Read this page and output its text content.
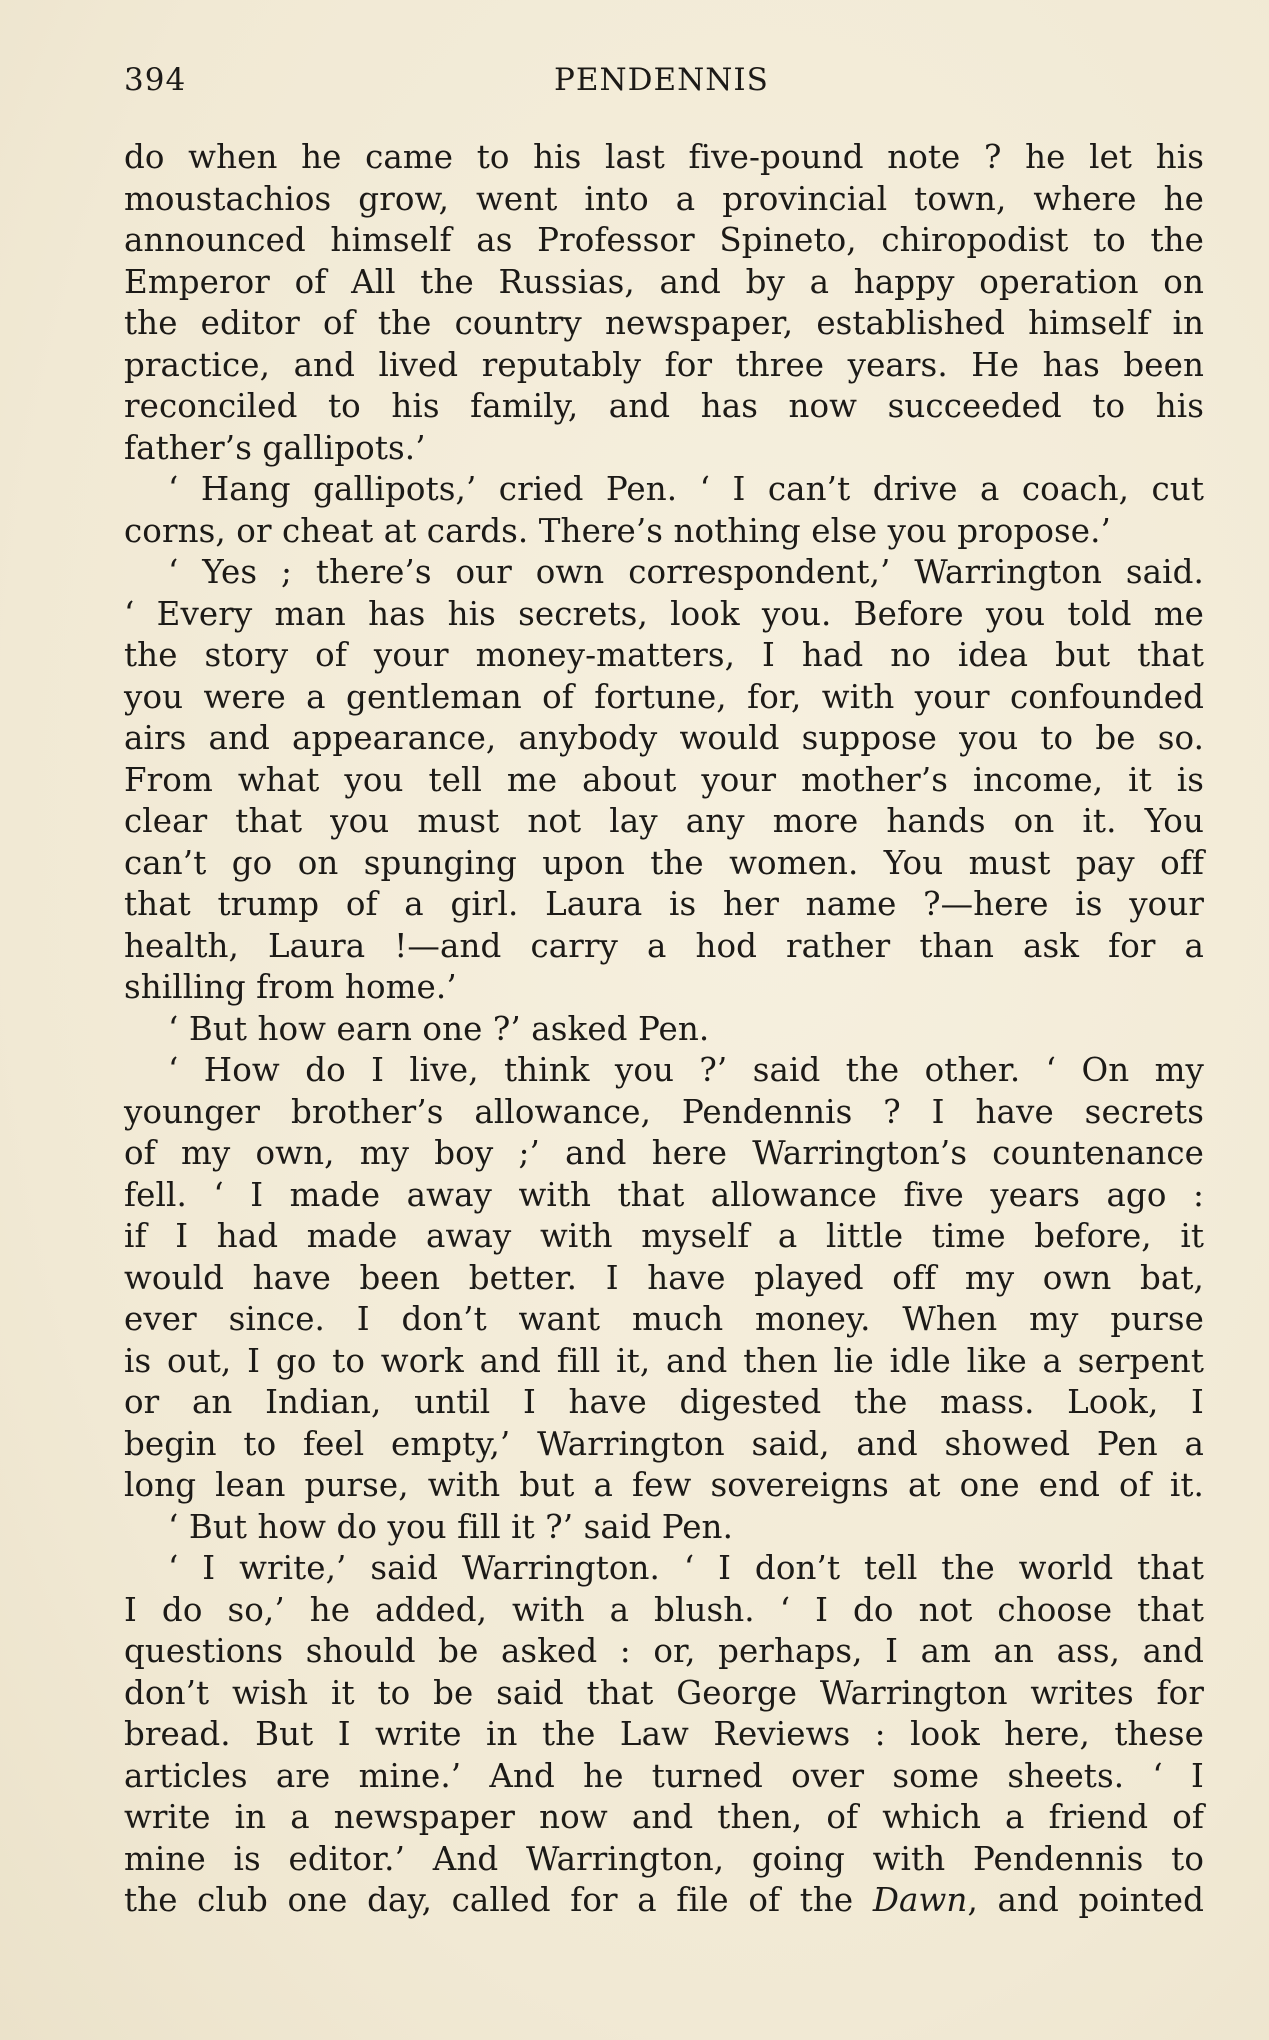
394	PENDENNIS
do when he came to his last five-pound note ? he let his
moustachios grow, went into a provincial town, where he
announced himself as Professor Spineto, chiropodist to the
Emperor of All the Russias, and by a happy operation on
the editor of the country newspaper, established himself in
practice, and lived reputably for three years. He has been
reconciled to his family, and has now succeeded to his
father’s gallipots.’
‘ Hang gallipots,’ cried Pen. ‘ I can’t drive a coach, cut
corns, or cheat at cards. There’s nothing else you propose.’
‘ Yes ; there’s our own correspondent,’ Warrington said.
‘ Every man has his secrets, look you. Before you told me
the story of your money-matters, I had no idea but that
you were a gentleman of fortune, for, with your confounded
airs and appearance, anybody would suppose you to be so.
From what you tell me about your mother’s income, it is
clear that you must not lay any more hands on it. You
can’t go on spunging upon the women. You must pay off
that trump of a girl. Laura is her name ?—here is your
health, Laura !—and carry a hod rather than ask for a
shilling from home.’
‘ But how earn one ?’ asked Pen.
‘ How do I live, think you ?’ said the other. ‘ On my
younger brother’s allowance, Pendennis ? I have secrets
of my own, my boy ;’ and here Warrington’s countenance
fell. ‘ I made away with that allowance five years ago :
if I had made away with myself a little time before, it
would have been better. I have played off my own bat,
ever since. I don’t want much money. When my purse
is out, I go to work and fill it, and then lie idle like a serpent
or an Indian, until I have digested the mass. Look, I
begin to feel empty,’ Warrington said, and showed Pen a
long lean purse, with but a few sovereigns at one end of it.
‘ But how do you fill it ?’ said Pen.
‘ I write,’ said Warrington. ‘ I don’t tell the world that
I do so,’ he added, with a blush. ‘ I do not choose that
questions should be asked : or, perhaps, I am an ass, and
don’t wish it to be said that George Warrington writes for
bread. But I write in the Law Reviews : look here, these
articles are mine.’ And he turned over some sheets. ‘ I
write in a newspaper now and then, of which a friend of
mine is editor.’ And Warrington, going with Pendennis to
the club one day, called for a file of the Dawn, and pointed
